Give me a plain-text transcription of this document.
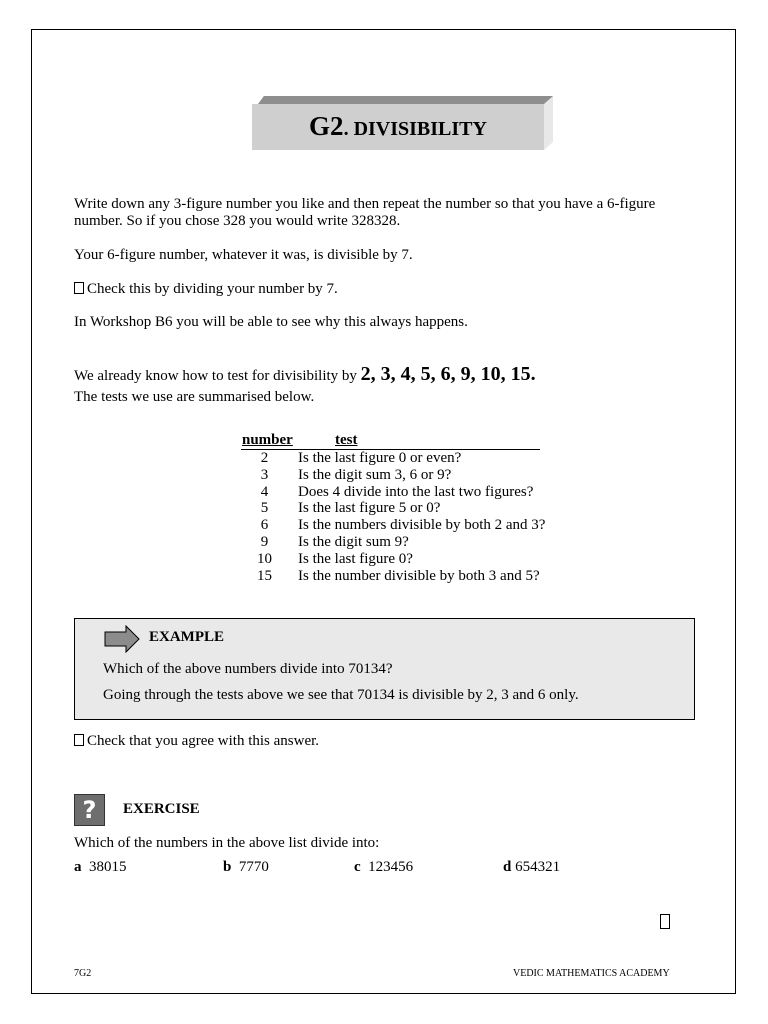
G2. DIVISIBILITY
Write down any 3-figure number you like and then repeat the number so that you have a 6-figure
number. So if you chose 328 you would write 328328.
Your 6-figure number, whatever it was, is divisible by 7.
Check this by dividing your number by 7.
In Workshop B6 you will be able to see why this always happens.
We already know how to test for divisibility by 2, 3, 4, 5, 6, 9, 10, 15.
The tests we use are summarised below.
number	test
2	Is the last figure 0 or even?
3	Is the digit sum 3, 6 or 9?
4	Does 4 divide into the last two figures?
5	Is the last figure 5 or 0?
6	Is the numbers divisible by both 2 and 3?
9	Is the digit sum 9?
10	Is the last figure 0?
15	Is the number divisible by both 3 and 5?
EXAMPLE
Which of the above numbers divide into 70134?
Going through the tests above we see that 70134 is divisible by 2, 3 and 6 only.
Check that you agree with this answer.
?	EXERCISE
Which of the numbers in the above list divide into:
a 38015	b 7770	c 123456	d 654321
7G2	VEDIC MATHEMATICS ACADEMY
